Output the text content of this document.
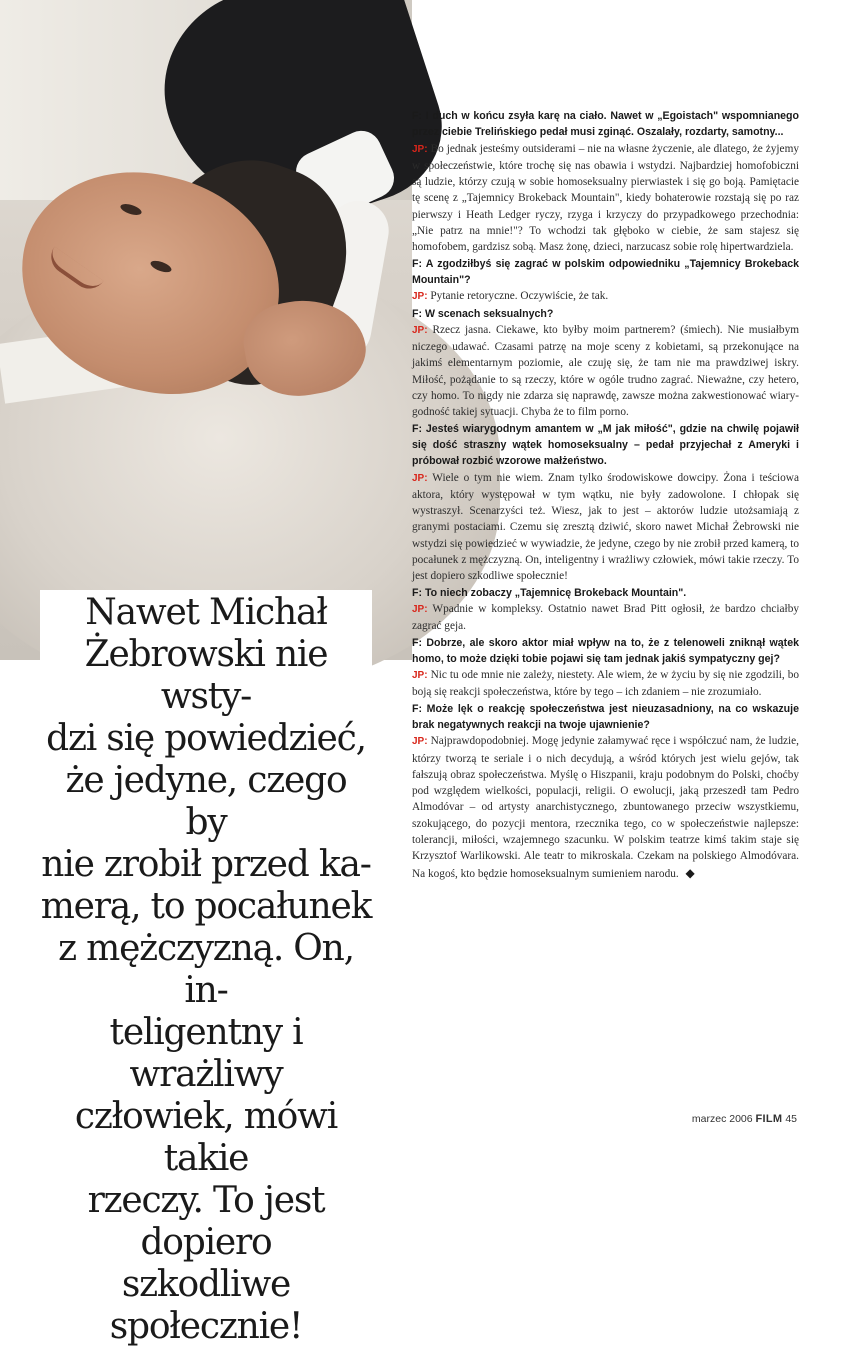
Nawet Michał
Żebrowski nie wsty-
dzi się powiedzieć,
że jedyne, czego by
nie zrobił przed ka-
merą, to pocałunek
z mężczyzną. On, in-
teligentny i wrażliwy
człowiek, mówi takie
rzeczy. To jest dopiero
szkodliwe społecznie!

F: I duch w końcu zsyła karę na ciało. Nawet w „Egoistach" wspomnianego przez ciebie Trelińskiego pedał musi zginąć. Oszalały, rozdarty, samotny...
JP: Bo jednak jesteśmy outsiderami – nie na własne życzenie, ale dlatego, że żyjemy w społeczeństwie, które trochę się nas obawia i wstydzi. Najbardziej homofobiczni są ludzie, którzy czują w sobie homoseksualny pierwiastek i się go boją. Pamiętacie tę scenę z „Tajemnicy Brokeback Mountain", kiedy bohaterowie rozstają się po raz pierwszy i Heath Ledger ryczy, rzyga i krzyczy do przypadkowego przechodnia: „Nie patrz na mnie!"? To wchodzi tak głęboko w ciebie, że sam stajesz się homofobem, gardzisz sobą. Masz żonę, dzieci, narzucasz sobie rolę hipertwardziela.

F: A zgodziłbyś się zagrać w polskim odpowiedniku „Tajemnicy Brokeback Mountain"?
JP: Pytanie retoryczne. Oczywiście, że tak.

F: W scenach seksualnych?
JP: Rzecz jasna. Ciekawe, kto byłby moim partnerem? (śmiech). Nie musiałbym niczego udawać. Czasami patrzę na moje sceny z kobietami, są przekonujące na jakimś elementarnym poziomie, ale czuję się, że tam nie ma prawdziwej iskry. Miłość, pożądanie to są rzeczy, które w ogóle trudno zagrać. Nieważne, czy hetero, czy homo. To nigdy nie zdarza się naprawdę, zawsze można zakwestionować wiarygodność takiej sytuacji. Chyba że to film porno.

F: Jesteś wiarygodnym amantem w „M jak miłość", gdzie na chwilę pojawił się dość straszny wątek homoseksualny – pedał przyjechał z Ameryki i próbował rozbić wzorowe małżeństwo.
JP: Wiele o tym nie wiem. Znam tylko środowiskowe dowcipy. Żona i teściowa aktora, który występował w tym wątku, nie były zadowolone. I chłopak się wystraszył. Scenarzyści też. Wiesz, jak to jest – aktorów ludzie utożsamiają z granymi postaciami. Czemu się zresztą dziwić, skoro nawet Michał Żebrowski nie wstydzi się powiedzieć w wywiadzie, że jedyne, czego by nie zrobił przed kamerą, to pocałunek z mężczyzną. On, inteligentny i wrażliwy człowiek, mówi takie rzeczy. To jest dopiero szkodliwe społecznie!

F: To niech zobaczy „Tajemnicę Brokeback Mountain".
JP: Wpadnie w kompleksy. Ostatnio nawet Brad Pitt ogłosił, że bardzo chciałby zagrać geja.

F: Dobrze, ale skoro aktor miał wpływ na to, że z telenoweli zniknął wątek homo, to może dzięki tobie pojawi się tam jednak jakiś sympatyczny gej?
JP: Nic tu ode mnie nie zależy, niestety. Ale wiem, że w życiu by się nie zgodzili, bo boją się reakcji społeczeństwa, które by tego – ich zdaniem – nie zrozumiało.

F: Może lęk o reakcję społeczeństwa jest nieuzasadniony, na co wskazuje brak negatywnych reakcji na twoje ujawnienie?
JP: Najprawdopodobniej. Mogę jedynie załamywać ręce i współczuć nam, że ludzie, którzy tworzą te seriale i o nich decydują, a wśród których jest wielu gejów, tak fałszują obraz społeczeństwa. Myślę o Hiszpanii, kraju podobnym do Polski, choćby pod względem wielkości, populacji, religii. O ewolucji, jaką przeszedł tam Pedro Almodóvar – od artysty anarchistycznego, zbuntowanego przeciw wszystkiemu, szokującego, do pozycji mentora, rzecznika tego, co w społeczeństwie najlepsze: tolerancji, miłości, wzajemnego szacunku. W polskim teatrze kimś takim staje się Krzysztof Warlikowski. Ale teatr to mikroskala. Czekam na polskiego Almodóvara. Na kogoś, kto będzie homoseksualnym sumieniem narodu. ◆

marzec 2006 FILM 45
